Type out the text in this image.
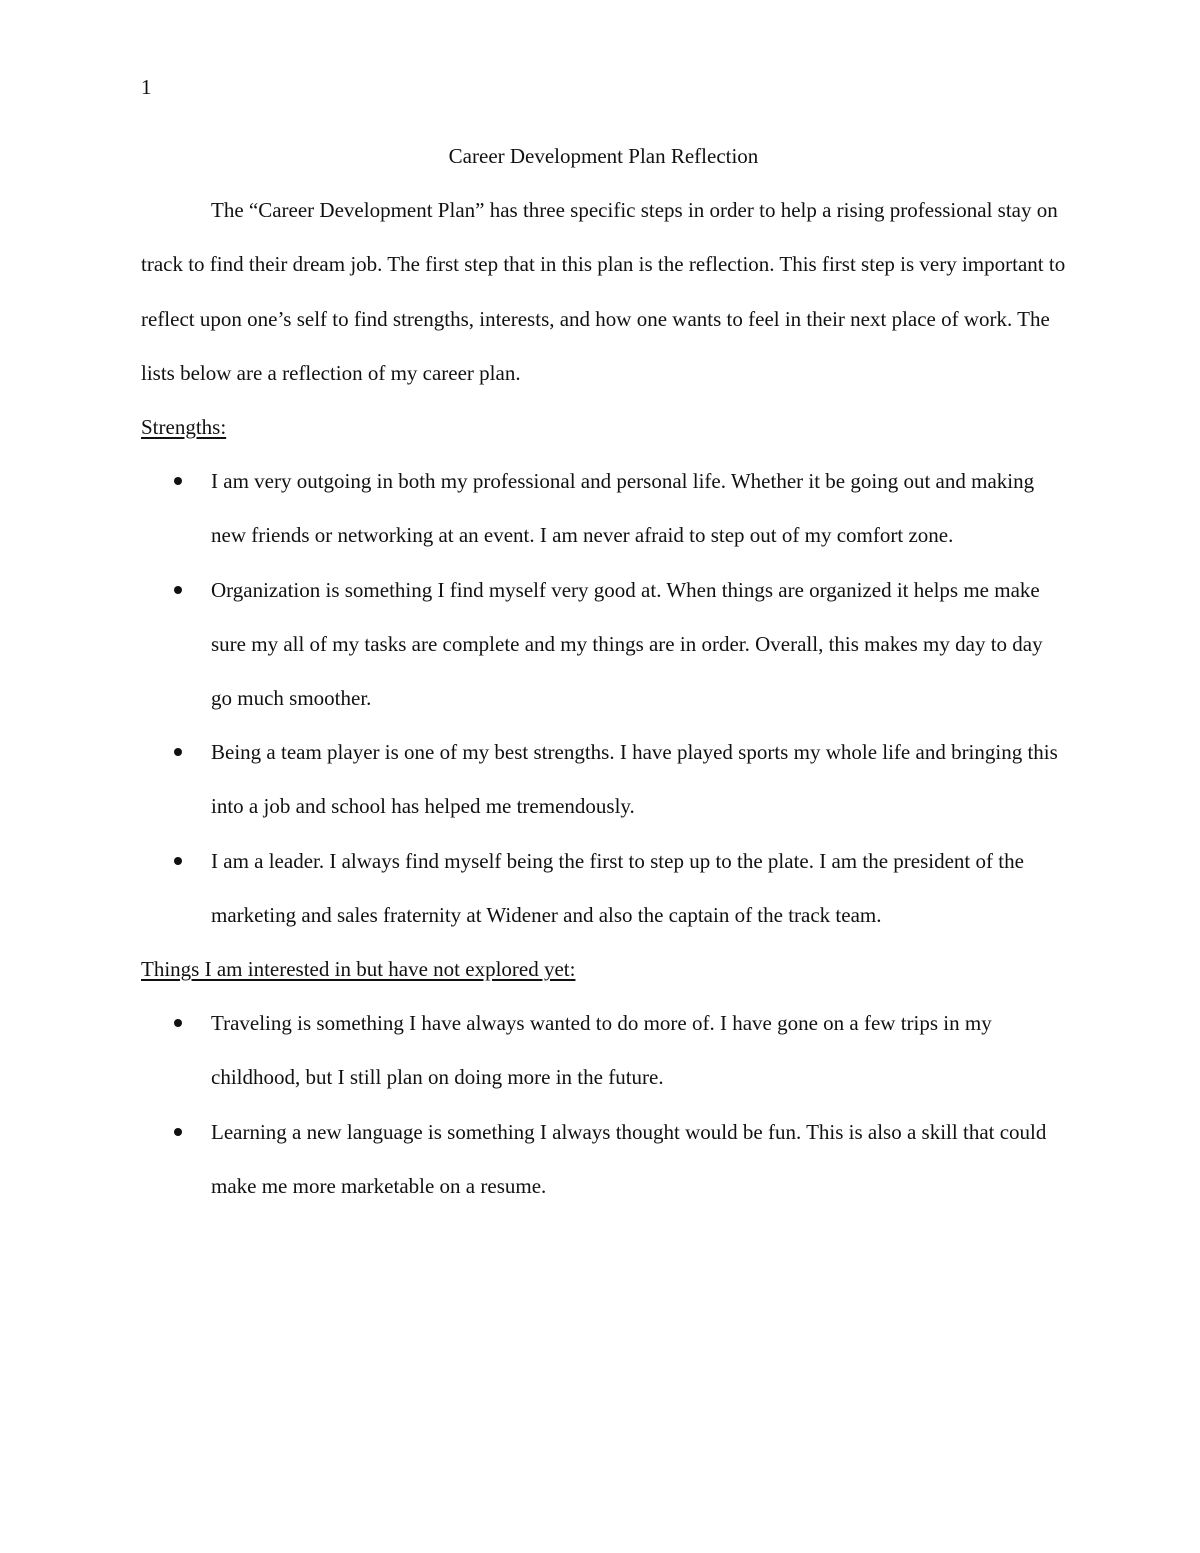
1
Career Development Plan Reflection

The “Career Development Plan” has three specific steps in order to help a rising professional stay on track to find their dream job. The first step that in this plan is the reflection. This first step is very important to reflect upon one’s self to find strengths, interests, and how one wants to feel in their next place of work. The lists below are a reflection of my career plan.

Strengths:
I am very outgoing in both my professional and personal life. Whether it be going out and making new friends or networking at an event. I am never afraid to step out of my comfort zone.
Organization is something I find myself very good at. When things are organized it helps me make sure my all of my tasks are complete and my things are in order. Overall, this makes my day to day go much smoother.
Being a team player is one of my best strengths. I have played sports my whole life and bringing this into a job and school has helped me tremendously.
I am a leader. I always find myself being the first to step up to the plate. I am the president of the marketing and sales fraternity at Widener and also the captain of the track team.
Things I am interested in but have not explored yet:
Traveling is something I have always wanted to do more of. I have gone on a few trips in my childhood, but I still plan on doing more in the future.
Learning a new language is something I always thought would be fun. This is also a skill that could make me more marketable on a resume.
